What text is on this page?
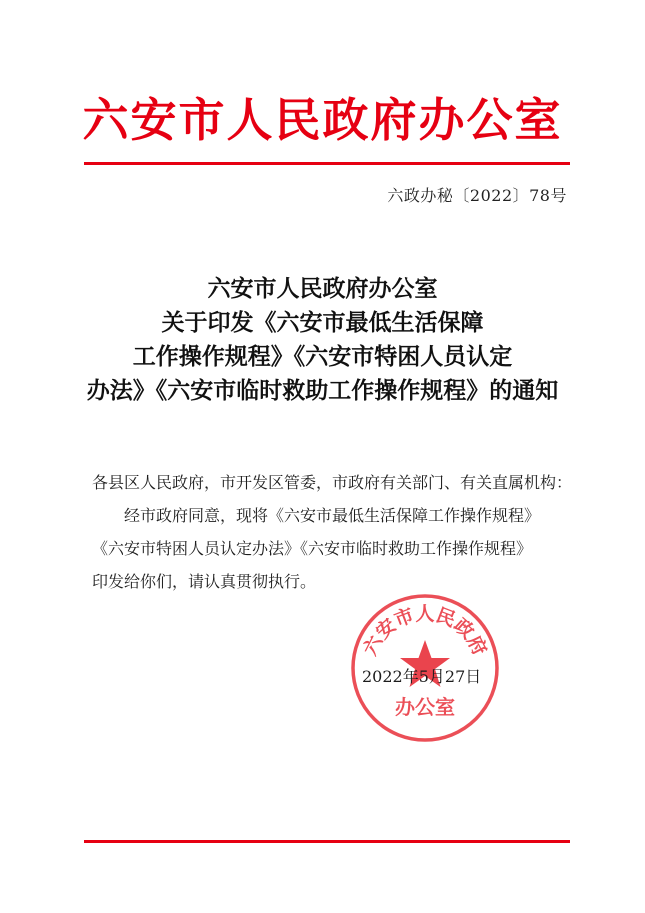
六安市人民政府办公室
六政办秘〔2022〕78号
六安市人民政府办公室
关于印发《六安市最低生活保障
工作操作规程》《六安市特困人员认定
办法》《六安市临时救助工作操作规程》的通知
各县区人民政府，市开发区管委，市政府有关部门、有关直属机构：
经市政府同意，现将《六安市最低生活保障工作操作规程》
《六安市特困人员认定办法》《六安市临时救助工作操作规程》
印发给你们，请认真贯彻执行。
六安市人民政府
办公室
2022年5月27日
